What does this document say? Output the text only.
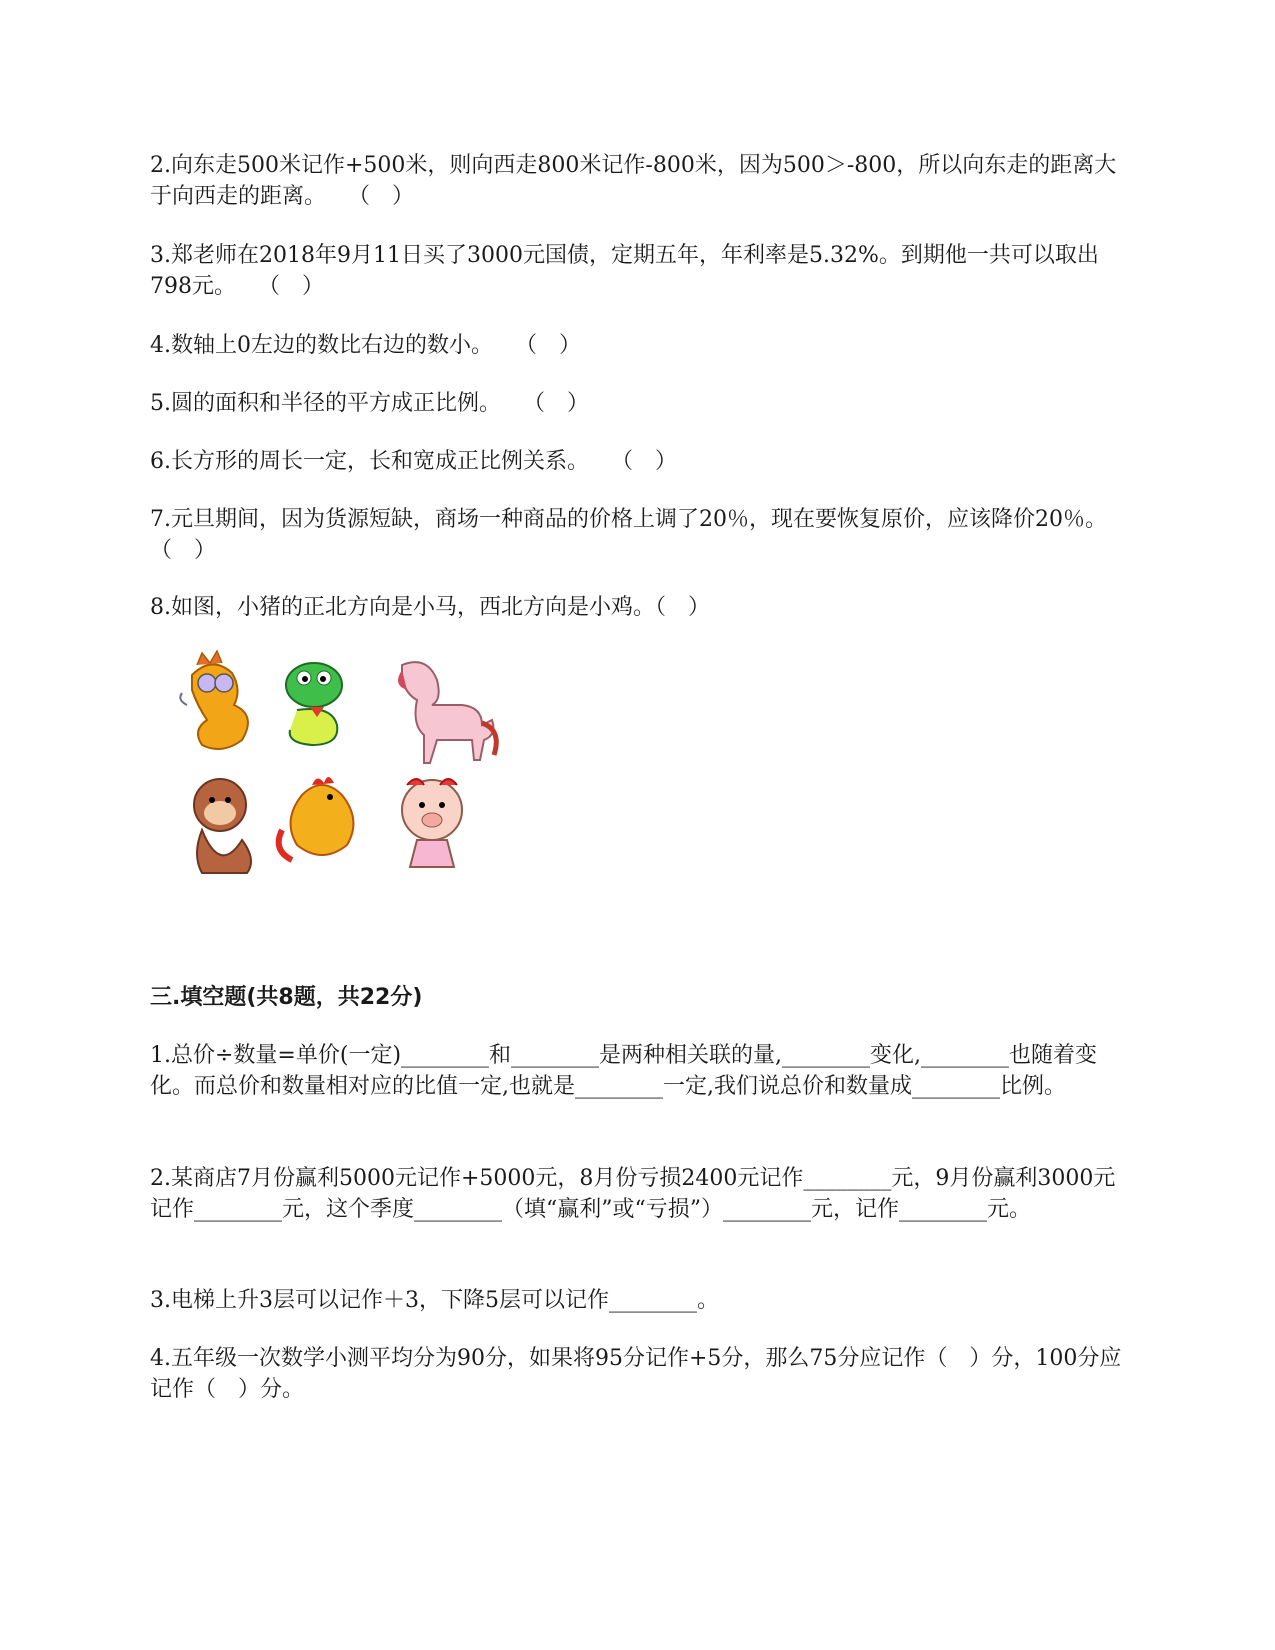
2.向东走500米记作+500米，则向西走800米记作-800米，因为500＞-800，所以向东走的距离大于向西走的距离。　　（　）

3.郑老师在2018年9月11日买了3000元国债，定期五年，年利率是5.32%。到期他一共可以取出798元。　　（　）

4.数轴上0左边的数比右边的数小。　　（　）

5.圆的面积和半径的平方成正比例。　　（　）

6.长方形的周长一定，长和宽成正比例关系。　　（　）

7.元旦期间，因为货源短缺，商场一种商品的价格上调了20％，现在要恢复原价，应该降价20％。（　）

8.如图，小猪的正北方向是小马，西北方向是小鸡。（　）

三.填空题(共8题，共22分)

1.总价÷数量=单价(一定)________和________是两种相关联的量,________变化,________也随着变化。而总价和数量相对应的比值一定,也就是________一定,我们说总价和数量成________比例。

2.某商店7月份赢利5000元记作+5000元，8月份亏损2400元记作________元，9月份赢利3000元记作________元，这个季度________（填“赢利”或“亏损”）________元，记作________元。

3.电梯上升3层可以记作＋3，下降5层可以记作________。

4.五年级一次数学小测平均分为90分，如果将95分记作+5分，那么75分应记作（　）分，100分应记作（　）分。
